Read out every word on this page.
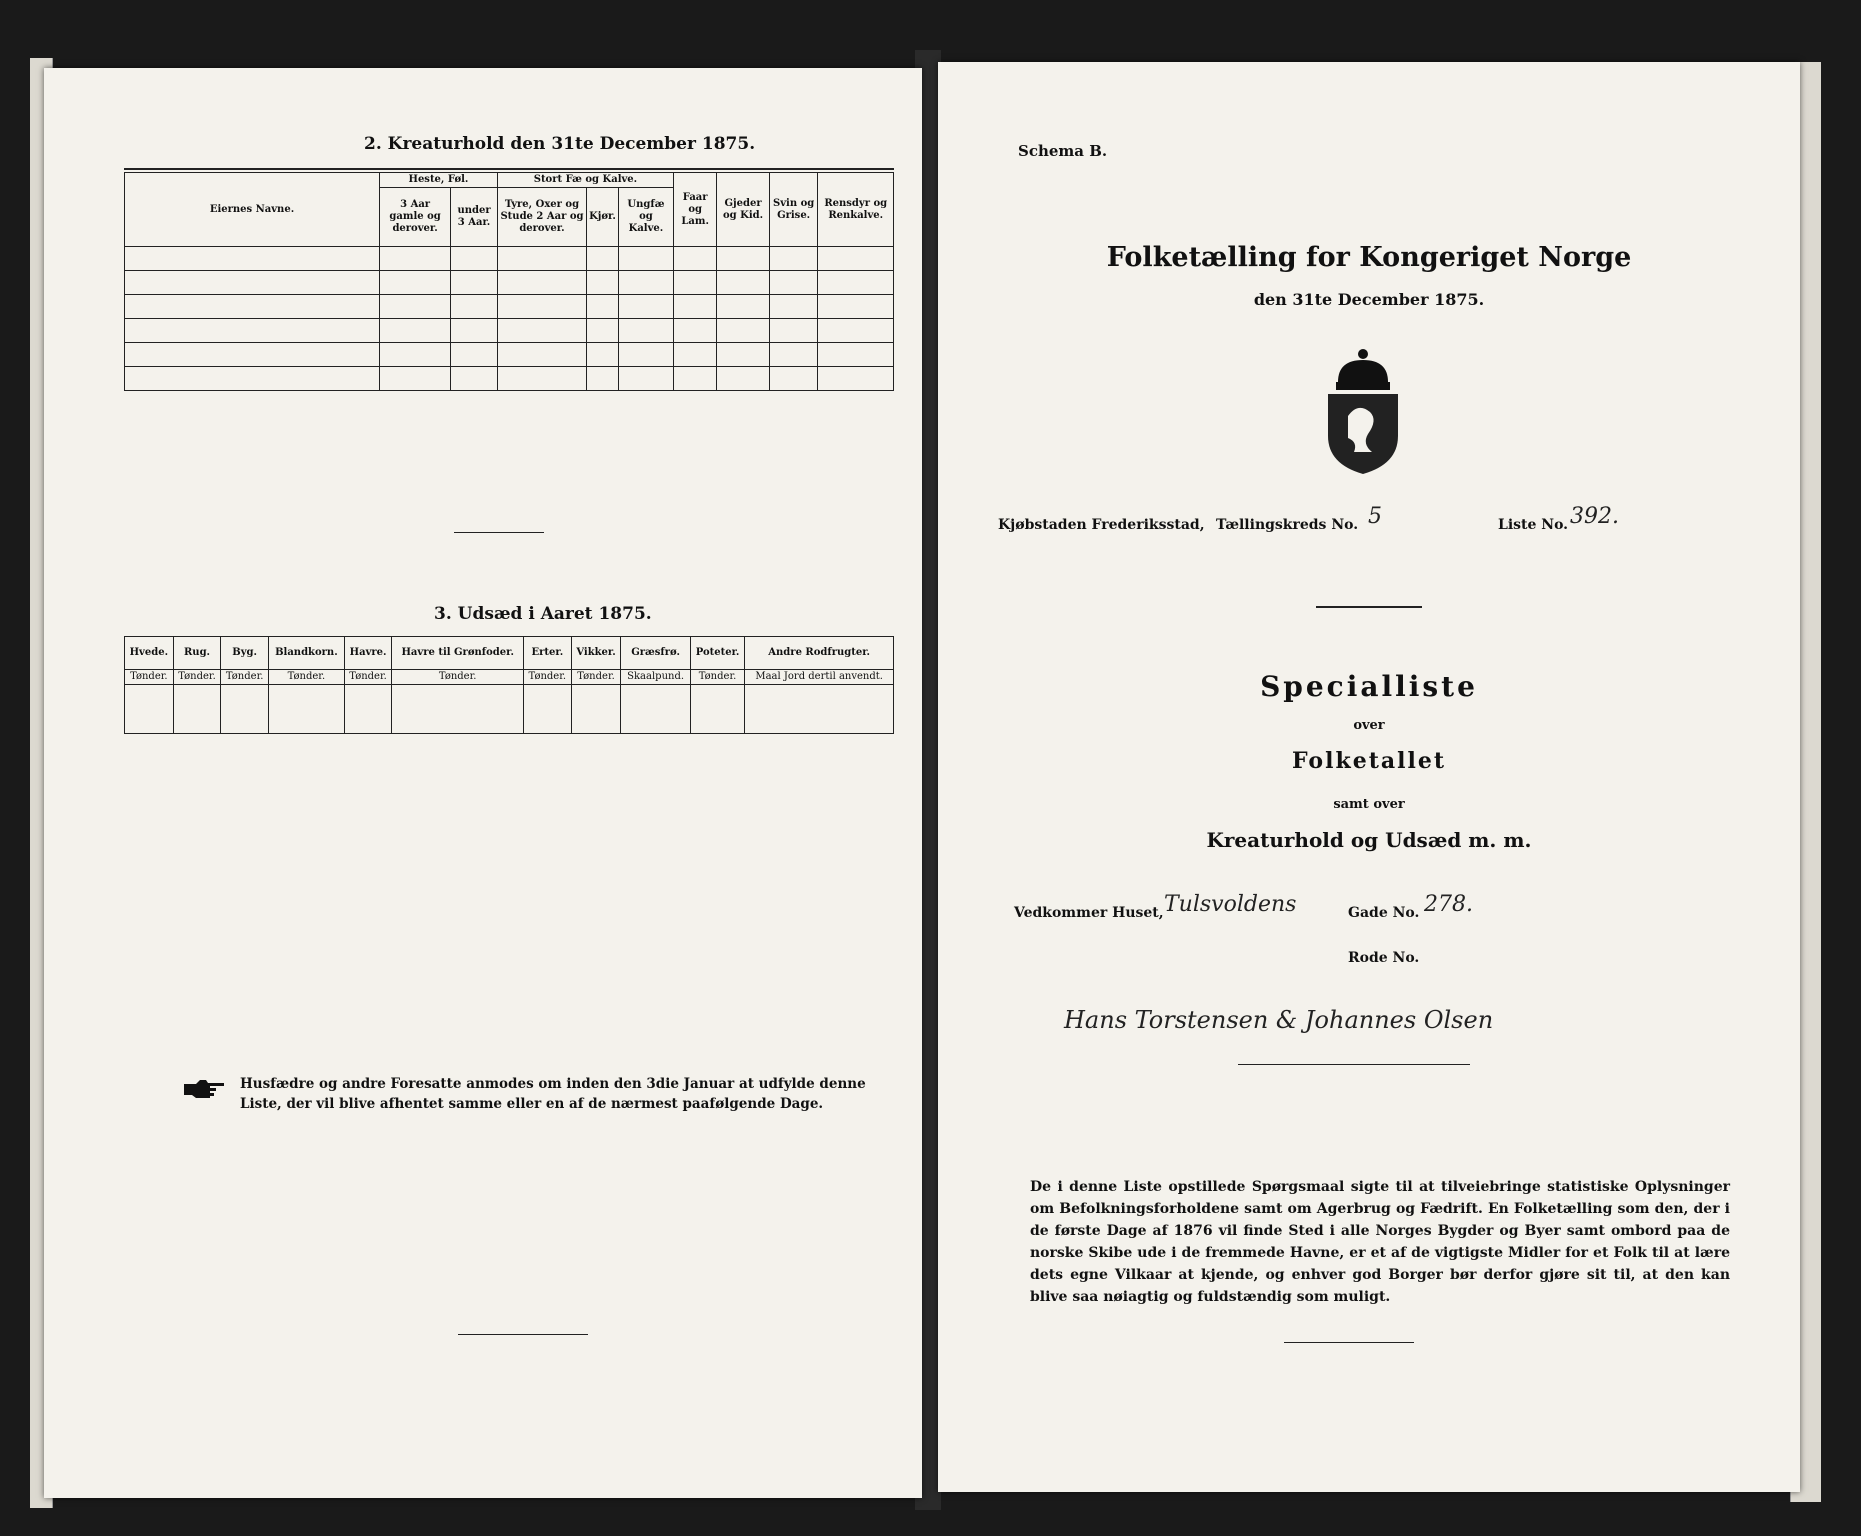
2. Kreaturhold den 31te December 1875.
Eiernes Navne.	Heste, Føl.		Stort Fæ og Kalve.			Faar og Lam.	Gjeder og Kid.	Svin og Grise.	Rensdyr og Renkalve.
	3 Aar gamle og derover.	under 3 Aar.	Tyre, Oxer og Stude 2 Aar og derover.	Kjør.	Ungfæ og Kalve.				

3. Udsæd i Aaret 1875.
Hvede.	Rug.	Byg.	Blandkorn.	Havre.	Havre til Grønfoder.	Erter.	Vikker.	Græsfrø.	Poteter.	Andre Rodfrugter.
Tønder.	Tønder.	Tønder.	Tønder.	Tønder.	Tønder.	Tønder.	Tønder.	Skaalpund.	Tønder.	Maal Jord dertil anvendt.

Husfædre og andre Foresatte anmodes om inden den 3die Januar at udfylde denne Liste, der vil blive afhentet samme eller en af de nærmest paafølgende Dage.
Schema B.
Folketælling for Kongeriget Norge
den 31te December 1875.
Kjøbstaden Frederiksstad, Tællingskreds No. 5	Liste No. 392.
Specialliste
over
Folketallet
samt over
Kreaturhold og Udsæd m. m.
Vedkommer Huset, Tulsvoldens	Gade No. 278.
Rode No.
Hans Torstensen & Johannes Olsen
De i denne Liste opstillede Spørgsmaal sigte til at tilveiebringe statistiske Oplysninger om Befolkningsforholdene samt om Agerbrug og Fædrift. En Folketælling som den, der i de første Dage af 1876 vil finde Sted i alle Norges Bygder og Byer samt ombord paa de norske Skibe ude i de fremmede Havne, er et af de vigtigste Midler for et Folk til at lære dets egne Vilkaar at kjende, og enhver god Borger bør derfor gjøre sit til, at den kan blive saa nøiagtig og fuldstændig som muligt.
